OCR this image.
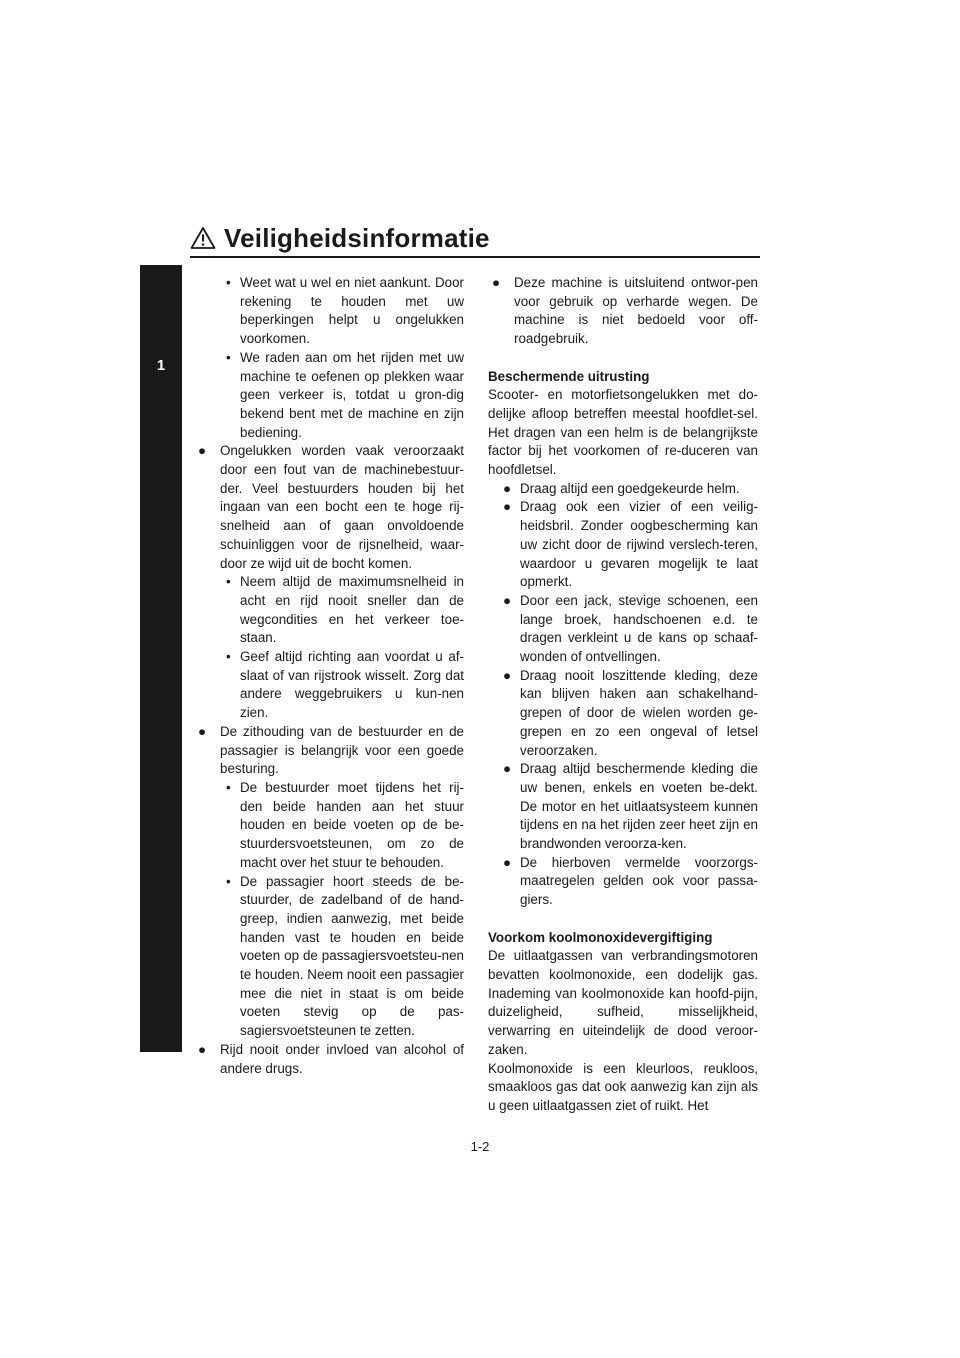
Veiligheidsinformatie
1
• Weet wat u wel en niet aankunt. Door rekening te houden met uw beperkingen helpt u ongelukken voorkomen.
• We raden aan om het rijden met uw machine te oefenen op plekken waar geen verkeer is, totdat u gron-dig bekend bent met de machine en zijn bediening.
● Ongelukken worden vaak veroorzaakt door een fout van de machinebestuur-der. Veel bestuurders houden bij het ingaan van een bocht een te hoge rij-snelheid aan of gaan onvoldoende schuinliggen voor de rijsnelheid, waar-door ze wijd uit de bocht komen.
• Neem altijd de maximumsnelheid in acht en rijd nooit sneller dan de wegcondities en het verkeer toe-staan.
• Geef altijd richting aan voordat u af-slaat of van rijstrook wisselt. Zorg dat andere weggebruikers u kun-nen zien.
● De zithouding van de bestuurder en de passagier is belangrijk voor een goede besturing.
• De bestuurder moet tijdens het rij-den beide handen aan het stuur houden en beide voeten op de be-stuurdersvoetsteunen, om zo de macht over het stuur te behouden.
• De passagier hoort steeds de be-stuurder, de zadelband of de hand-greep, indien aanwezig, met beide handen vast te houden en beide voeten op de passagiersvoetsteu-nen te houden. Neem nooit een passagier mee die niet in staat is om beide voeten stevig op de pas-sagiersvoetsteunen te zetten.
● Rijd nooit onder invloed van alcohol of andere drugs.
● Deze machine is uitsluitend ontwor-pen voor gebruik op verharde wegen. De machine is niet bedoeld voor off-roadgebruik.

Beschermende uitrusting

Scooter- en motorfietsongelukken met do-delijke afloop betreffen meestal hoofdlet-sel. Het dragen van een helm is de belangrijkste factor bij het voorkomen of re-duceren van hoofdletsel.

● Draag altijd een goedgekeurde helm.
● Draag ook een vizier of een veilig-heidsbril. Zonder oogbescherming kan uw zicht door de rijwind verslech-teren, waardoor u gevaren mogelijk te laat opmerkt.
● Door een jack, stevige schoenen, een lange broek, handschoenen e.d. te dragen verkleint u de kans op schaaf-wonden of ontvellingen.
● Draag nooit loszittende kleding, deze kan blijven haken aan schakelhand-grepen of door de wielen worden ge-grepen en zo een ongeval of letsel veroorzaken.
● Draag altijd beschermende kleding die uw benen, enkels en voeten be-dekt. De motor en het uitlaatsysteem kunnen tijdens en na het rijden zeer heet zijn en brandwonden veroorza-ken.
● De hierboven vermelde voorzorgs-maatregelen gelden ook voor passa-giers.

Voorkom koolmonoxidevergiftiging

De uitlaatgassen van verbrandingsmotoren bevatten koolmonoxide, een dodelijk gas. Inademing van koolmonoxide kan hoofd-pijn, duizeligheid, sufheid, misselijkheid, verwarring en uiteindelijk de dood veroor-zaken.

Koolmonoxide is een kleurloos, reukloos, smaakloos gas dat ook aanwezig kan zijn als u geen uitlaatgassen ziet of ruikt. Het

1-2
